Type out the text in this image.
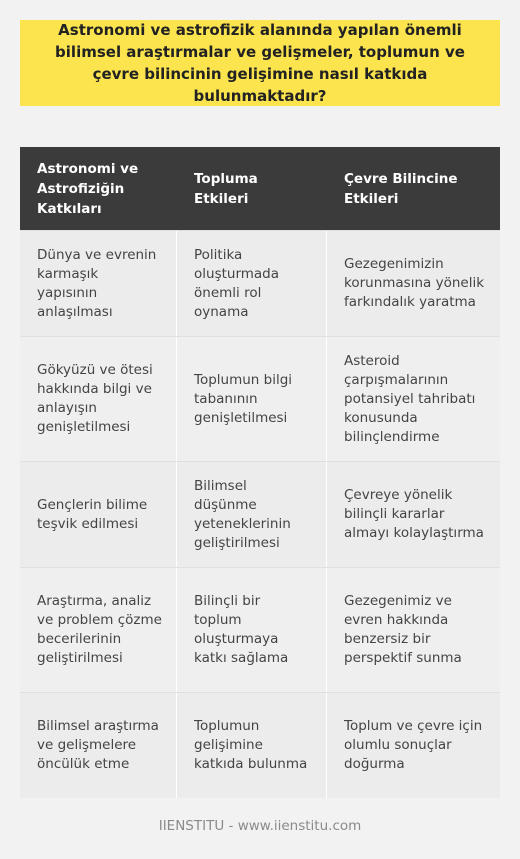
Astronomi ve astrofizik alanında yapılan önemli bilimsel araştırmalar ve gelişmeler, toplumun ve çevre bilincinin gelişimine nasıl katkıda bulunmaktadır?
Astronomi ve Astrofiziğin Katkıları
Topluma Etkileri
Çevre Bilincine Etkileri
Dünya ve evrenin karmaşık yapısının anlaşılması
Politika oluşturmada önemli rol oynama
Gezegenimizin korunmasına yönelik farkındalık yaratma
Gökyüzü ve ötesi hakkında bilgi ve anlayışın genişletilmesi
Toplumun bilgi tabanının genişletilmesi
Asteroid çarpışmalarının potansiyel tahribatı konusunda bilinçlendirme
Gençlerin bilime teşvik edilmesi
Bilimsel düşünme yeteneklerinin geliştirilmesi
Çevreye yönelik bilinçli kararlar almayı kolaylaştırma
Araştırma, analiz ve problem çözme becerilerinin geliştirilmesi
Bilinçli bir toplum oluşturmaya katkı sağlama
Gezegenimiz ve evren hakkında benzersiz bir perspektif sunma
Bilimsel araştırma ve gelişmelere öncülük etme
Toplumun gelişimine katkıda bulunma
Toplum ve çevre için olumlu sonuçlar doğurma
IIENSTITU - www.iienstitu.com
